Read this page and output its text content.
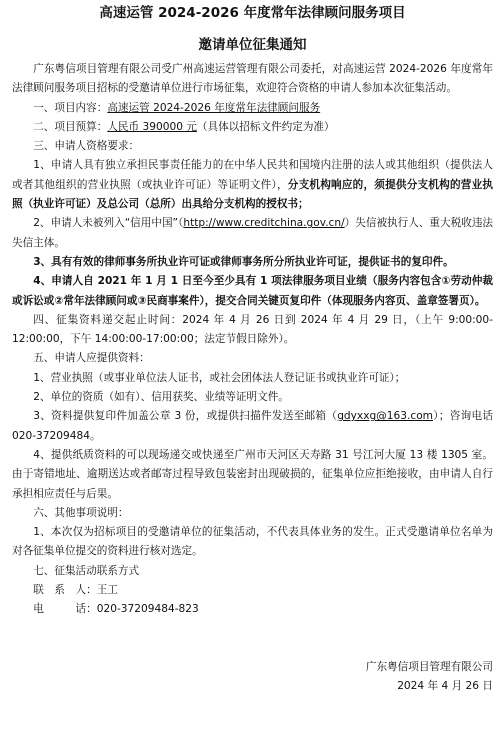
高速运管 2024-2026 年度常年法律顾问服务项目
邀请单位征集通知

广东粤信项目管理有限公司受广州高速运营管理有限公司委托，对高速运营 2024-2026 年度常年法律顾问服务项目招标的受邀请单位进行市场征集，欢迎符合资格的申请人参加本次征集活动。

一、项目内容：高速运管 2024-2026 年度常年法律顾问服务

二、项目预算：人民币 390000 元（具体以招标文件约定为准）

三、申请人资格要求：

1、申请人具有独立承担民事责任能力的在中华人民共和国境内注册的法人或其他组织（提供法人或者其他组织的营业执照（或执业许可证）等证明文件），分支机构响应的，须提供分支机构的营业执照（执业许可证）及总公司（总所）出具给分支机构的授权书；

2、申请人未被列入“信用中国”（http://www.creditchina.gov.cn/）失信被执行人、重大税收违法失信主体。

3、具有有效的律师事务所执业许可证或律师事务所分所执业许可证，提供证书的复印件。

4、申请人自 2021 年 1 月 1 日至今至少具有 1 项法律服务项目业绩（服务内容包含①劳动仲裁或诉讼或②常年法律顾问或③民商事案件），提交合同关键页复印件（体现服务内容页、盖章签署页）。

四、征集资料递交起止时间：2024 年 4 月 26 日到 2024 年 4 月 29 日，（上午 9:00:00-12:00:00，下午 14:00:00-17:00:00；法定节假日除外）。

五、申请人应提供资料：

1、营业执照（或事业单位法人证书，或社会团体法人登记证书或执业许可证）；

2、单位的资质（如有）、信用获奖、业绩等证明文件。

3、资料提供复印件加盖公章 3 份，或提供扫描件发送至邮箱（gdyxxg@163.com）；咨询电话 020-37209484。

4、提供纸质资料的可以现场递交或快递至广州市天河区天寿路 31 号江河大厦 13 楼 1305 室。由于寄错地址、逾期送达或者邮寄过程导致包装密封出现破损的，征集单位应拒绝接收，由申请人自行承担相应责任与后果。

六、其他事项说明：

1、本次仅为招标项目的受邀请单位的征集活动，不代表具体业务的发生。正式受邀请单位名单为对各征集单位提交的资料进行核对选定。

七、征集活动联系方式

联　系　人：王工

电　　　话：020-37209484-823

广东粤信项目管理有限公司

2024 年 4 月 26 日
